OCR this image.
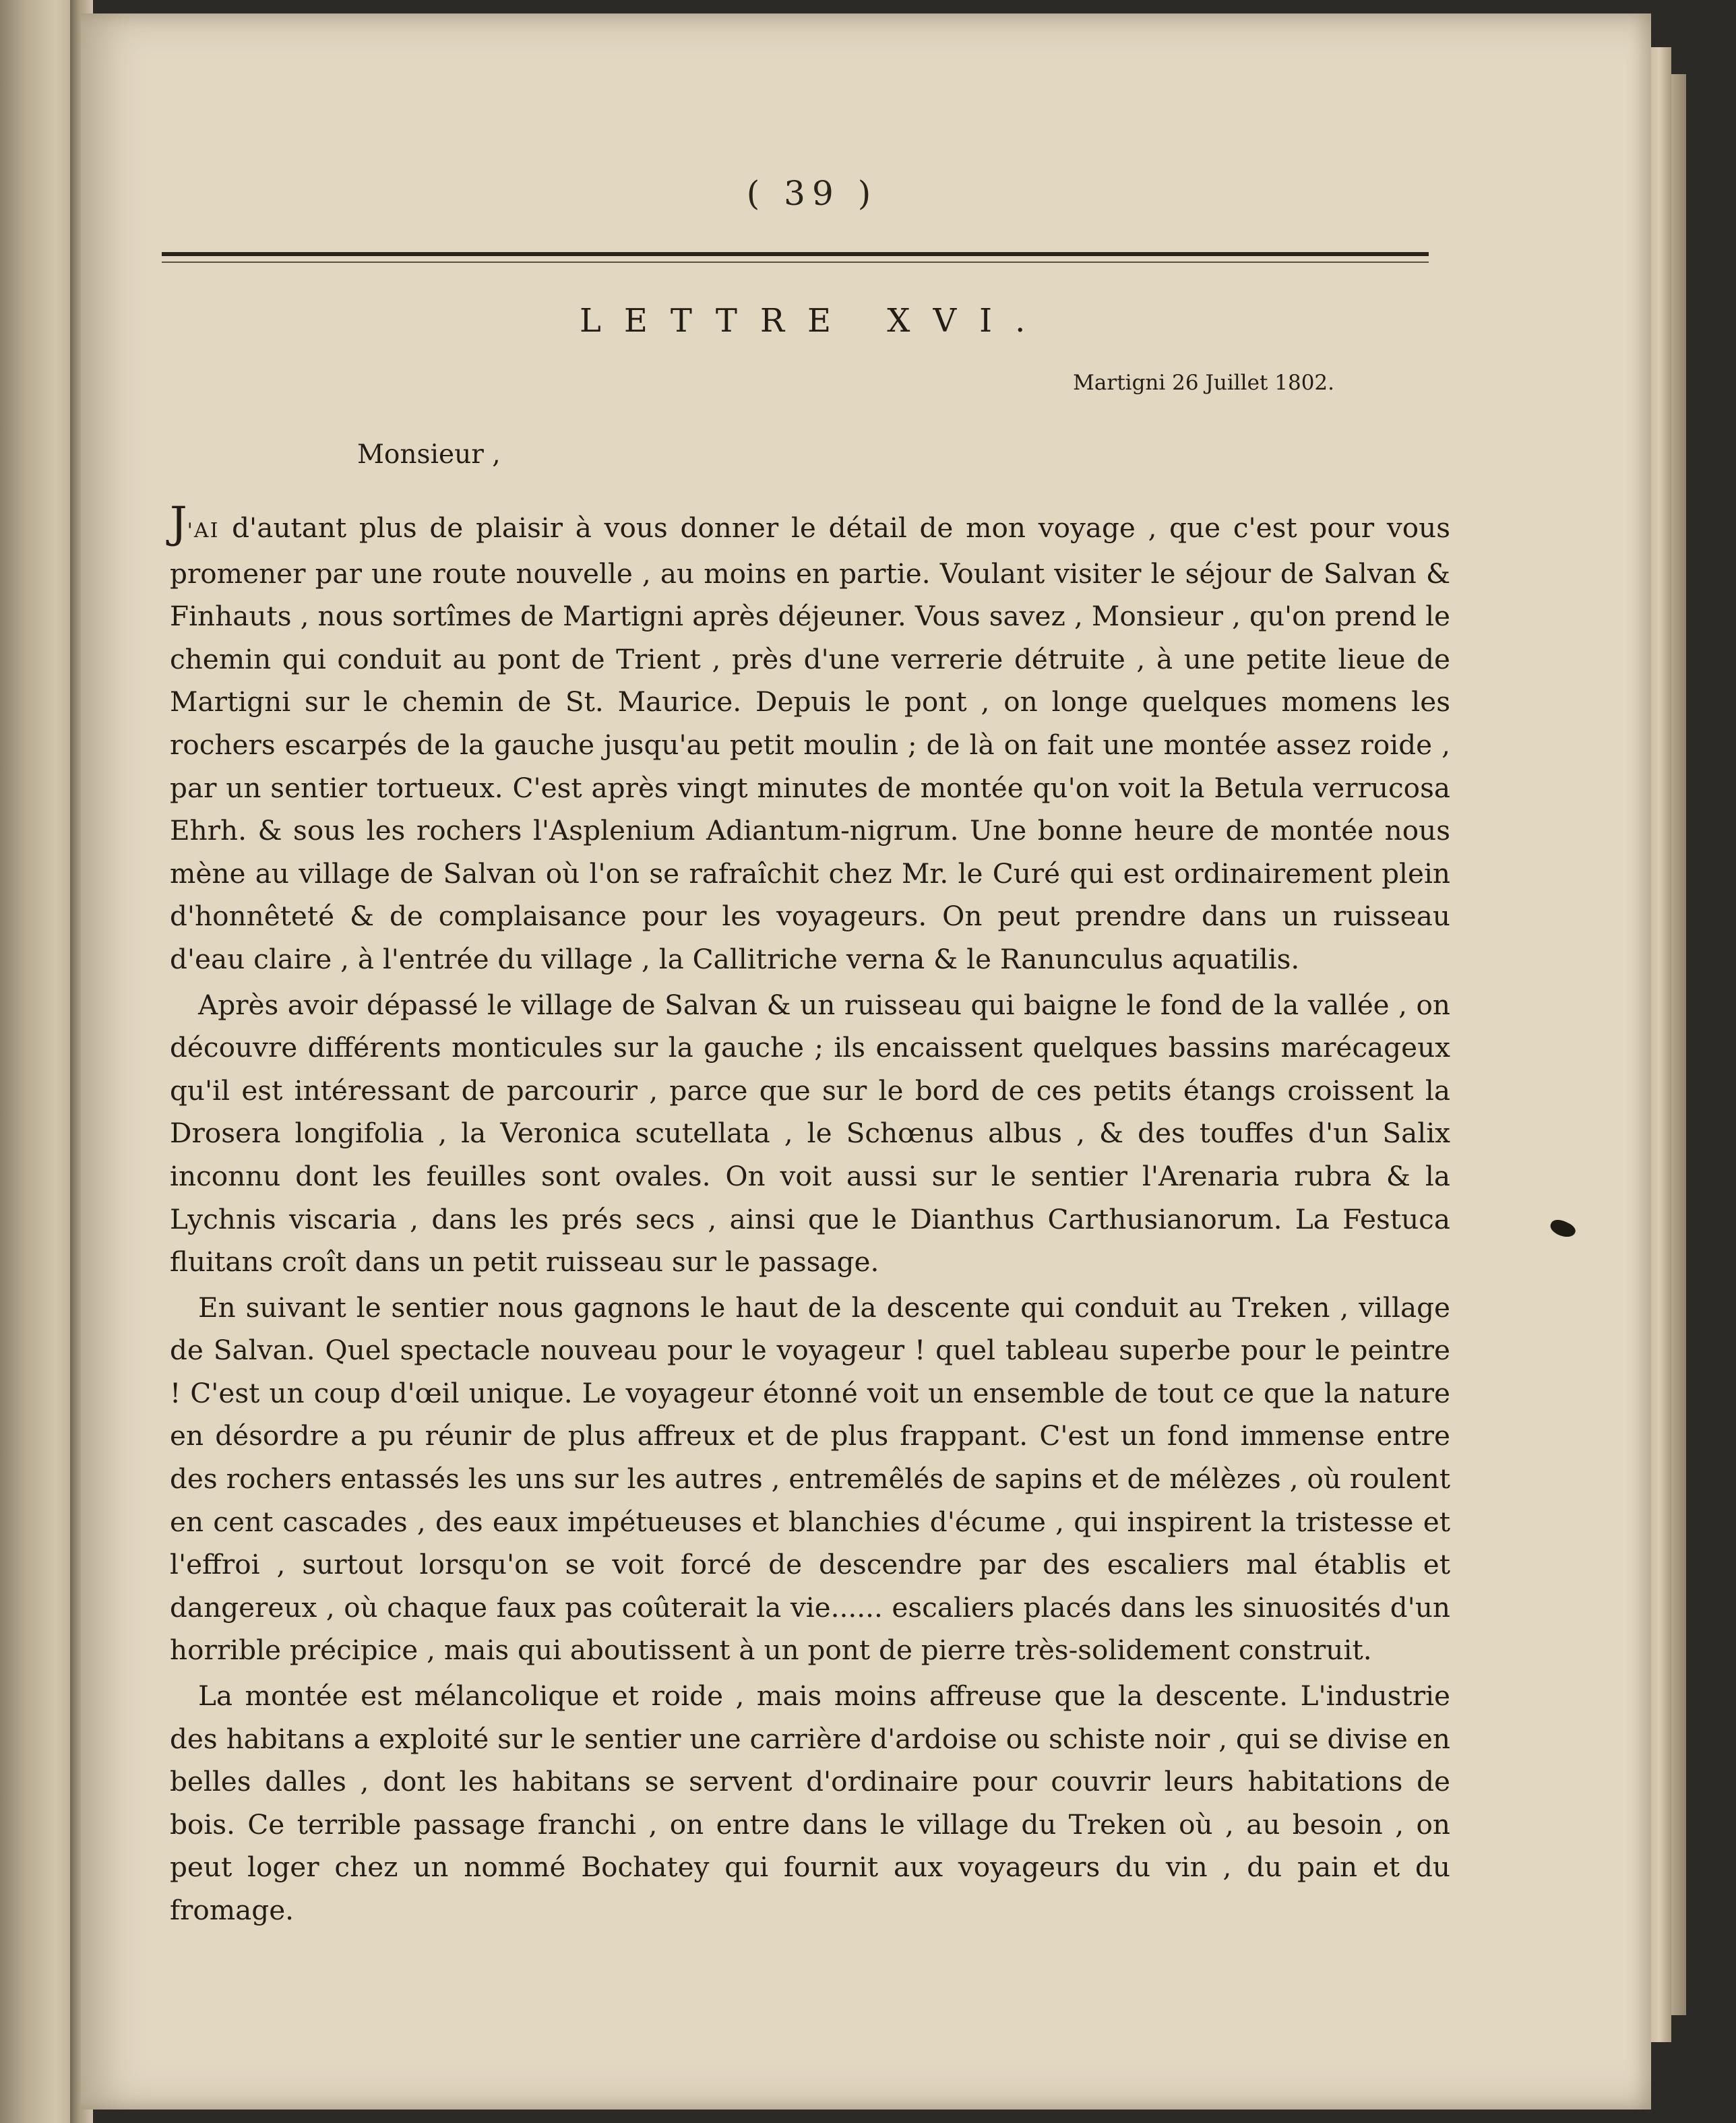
( 39 )
LETTRE XVI.
Martigni 26 Juillet 1802.
Monsieur ,

J'AI d'autant plus de plaisir à vous donner le détail de mon voyage , que c'est pour vous promener par une route nouvelle , au moins en partie. Voulant visiter le séjour de Salvan & Finhauts , nous sortîmes de Martigni après déjeuner. Vous savez , Monsieur , qu'on prend le chemin qui conduit au pont de Trient , près d'une verrerie détruite , à une petite lieue de Martigni sur le chemin de St. Maurice. Depuis le pont , on longe quelques momens les rochers escarpés de la gauche jusqu'au petit moulin ; de là on fait une montée assez roide , par un sentier tortueux. C'est après vingt minutes de montée qu'on voit la Betula verrucosa Ehrh. & sous les rochers l'Asplenium Adiantum-nigrum. Une bonne heure de montée nous mène au village de Salvan où l'on se rafraîchit chez Mr. le Curé qui est ordinairement plein d'honnêteté & de complaisance pour les voyageurs. On peut prendre dans un ruisseau d'eau claire , à l'entrée du village , la Callitriche verna & le Ranunculus aquatilis.

Après avoir dépassé le village de Salvan & un ruisseau qui baigne le fond de la vallée , on découvre différents monticules sur la gauche ; ils encaissent quelques bassins marécageux qu'il est intéressant de parcourir , parce que sur le bord de ces petits étangs croissent la Drosera longifolia , la Veronica scutellata , le Schœnus albus , & des touffes d'un Salix inconnu dont les feuilles sont ovales. On voit aussi sur le sentier l'Arenaria rubra & la Lychnis viscaria , dans les prés secs , ainsi que le Dianthus Carthusianorum. La Festuca fluitans croît dans un petit ruisseau sur le passage.

En suivant le sentier nous gagnons le haut de la descente qui conduit au Treken , village de Salvan. Quel spectacle nouveau pour le voyageur ! quel tableau superbe pour le peintre ! C'est un coup d'œil unique. Le voyageur étonné voit un ensemble de tout ce que la nature en désordre a pu réunir de plus affreux et de plus frappant. C'est un fond immense entre des rochers entassés les uns sur les autres , entremêlés de sapins et de mélèzes , où roulent en cent cascades , des eaux impétueuses et blanchies d'écume , qui inspirent la tristesse et l'effroi , surtout lorsqu'on se voit forcé de descendre par des escaliers mal établis et dangereux , où chaque faux pas coûterait la vie...... escaliers placés dans les sinuosités d'un horrible précipice , mais qui aboutissent à un pont de pierre très-solidement construit.

La montée est mélancolique et roide , mais moins affreuse que la descente. L'industrie des habitans a exploité sur le sentier une carrière d'ardoise ou schiste noir , qui se divise en belles dalles , dont les habitans se servent d'ordinaire pour couvrir leurs habitations de bois. Ce terrible passage franchi , on entre dans le village du Treken où , au besoin , on peut loger chez un nommé Bochatey qui fournit aux voyageurs du vin , du pain et du fromage.
